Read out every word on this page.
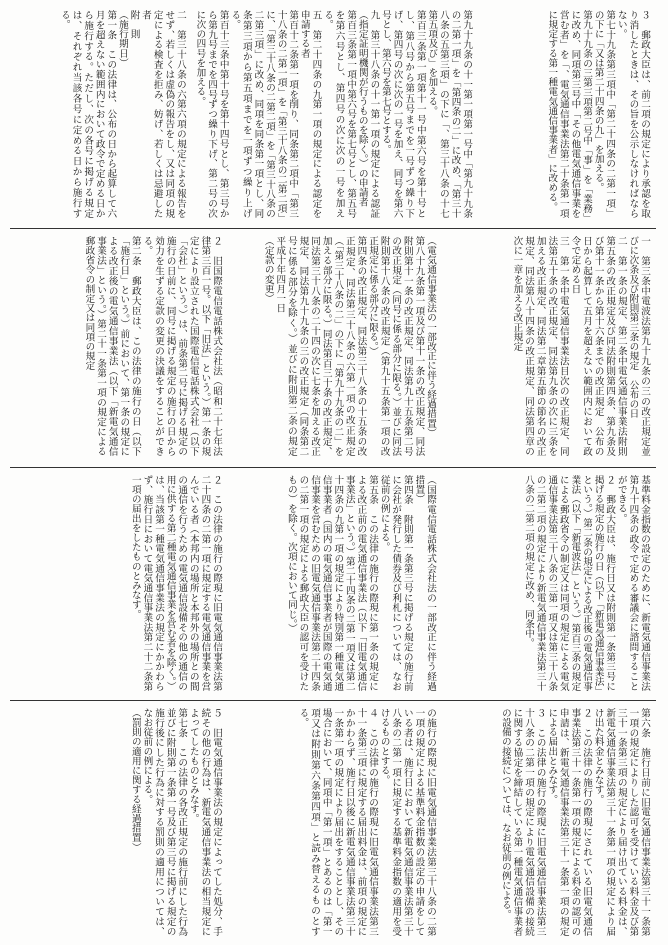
３　郵政大臣は、前二項の規定により承認を取り消したときは、その旨を公示しなければならない。
第七十九条第三項中「第二十四条の二第一項」の下に「又は第二十四条の九」を加える。
第九十九条の三第三項第二号中「事」を「業務」に改め、同項第三号中「その他電気通信事業を営む者」を「、電気通信事業法第二十条第一項に規定する第一種電気通信事業者」に改める。
第九十九条の十一第一項第一号中「第九十九条の二第一項」を「第四条の二」に改め、「第三十八条の五第三項」の下に「、第三十八条の十七第五項及び」を加える。
第百三条第一項第十一号中第六号を第十号とし、第八号から第五号までを一号ずつ繰り下げ、第四号の次に次の一号を加え、同号を第六号とし、第六号を第七号とする。
九　第三十八条の十一第一項の規定による認証（指定証明機関が行うものを除く。）の申請者
第百三条第一項中第六号を第七号とし、第五号を第六号とし、第四号の次に次の一号を加える。
五　第二十四条の九第一項の規定による認定を申請する者
第百十二条第一項を削り、同条第二項中「第三十八条の二第一項」を「第三十八条の二第二項」に、「第三十八条の二第二項」を「第三十八条の二第三項」に改め、同項を同条第一項とし、同条第三項から第五項までを一項ずつ繰り上げる。
第百十三条中第十号を第十四号とし、第三号から第九号までを四号ずつ繰り下げ、第二号の次に次の四号を加える。
二　第三十八条の六第六項の規定による報告をせず、若しくは虚偽の報告をし、又は同項の規定による検査を拒み、妨げ、若しくは忌避した者
附　則
（施行期日）
第一条　この法律は、公布の日から起算して六月を超えない範囲内において政令で定める日から施行する。ただし、次の各号に掲げる規定は、それぞれ当該各号に定める日から施行する。
一　第三条中電波法第九十九条の三の改正規定並びに次条及び附則第三条の規定　公布の日
二　第一条の規定、第二条中電気通信事業法附則第五条の改正規定及び同法附則第四条、第九条及び第十一条から第十六条までの改正規定　公布の日から起算して五月を超えない範囲内において政令で定める日
三　第一条中電気通信事業法目次の改正規定、同法第五十条の改正規定、同法第九条の次に三条を加える改正規定、同法第二章第五節の節名の改正規定、同法第八十四条の改正規定、同法第四章の次に一章を加える改正規定
（電気通信事業法の一部改正に伴う経過措置）
第八十九条第一項及び第十一条の改正規定、同法附則第十一条の改正規定、同法第九十五条第二号の改正規定（同号に係る部分に限る。）並びに同法附則第十八条の改正規定（第九十五条第一項の改正規定に係る部分に限る。）
第四条の改正規定、同法第三十八条の十五条の改正規定、同法第三十八条の六第一項の改正規定（「第三十八条の二」の下に「第九十九条の二」を加える部分に限る。）同法第百三十条の改正規定、同法第三十八条の二十四の次に七条を加える改正規定、同法第九十九条の三の改正規定（同条第二号に係る部分を除く。）並びに附則第二条の規定　平成十年四月一日
（定款の変更）
２　旧国際電信電話株式会社法（昭和二十七年法律第三百一号。以下「旧法」という。）第一条の規定により設立された国際電信電話株式会社（以下「会社」という。）は、前条第二号に掲げる規定の施行の日前に、同号に掲げる規定の施行の日から効力を生ずる定款の変更の決議をすることができる。
第二条　郵政大臣は、この法律の施行の日（以下「施行日」という。）前において、第一条の規定による改正後の電気通信事業法（以下「新電気通信事業法」という。）第二十一条第一項の規定による郵政省令の制定又は同項の規定
基準料金指数の設定のために、新電気通信事業法第九十四条の政令で定める審議会に諮問することができる。
２　郵政大臣は、施行日又は附則第一条第三号に掲げる規定の施行の日（以下「新電気通信事業法」という。）第二条の規定による改正後の電気通信事業法（以下「新電波法」という。）第百三条の規定による郵政省令の制定又は同項の規定による電気通信事業法第三十八条の三第一項又は第三十八条の二第二項の規定により新電気通信事業法第三十八条の二第二項の規定に改め、同条中。
（国際電信電話株式会社法の一部改正に伴う経過措置）
第四条　附則第一条第三号に掲げる規定の施行前に会社が発行した債券及び利札については、なお従前の例による。
第五条　この法律の施行の際現に第一条の規定による改正前の電気通信事業法（以下「旧電気通信事業法」という。）第二十四条の二第一項又は第二十四条の九第一項の規定により特別第一種電気通信事業者（国内の電気通信事業者が国際の電気通信事業を営むための旧電気通信事業法第二十四条の二第一項の規定による郵政大臣の認可を受けたもの）を除く。次項において同じ。）
２　この法律の施行の際現に旧電気通信事業法第二十四条の二第一項に規定する電気通信事業を営んでいる者（本邦内の場所と本邦外の場所との間の通信を行うための電気通信設備その他の通信の用に供する第二種電気通信事業を営む者を除く。）は、当該第一種電気通信事業法の規定にかかわらず、施行日において電気通信事業法第二十二条第一項の届出をしたものとみなす。
第六条　施行日前に旧電気通信事業法第三十一条第一項の規定によりした認可を受けている料金及び第三十一条第三項の規定により届け出ている料金は、新電気通信事業法第三十一条第一項の規定により届け出た料金とみなす。
２　この法律の施行の際現にされている旧電気通信事業法第三十一条第一項の規定による料金の認可の申請は、新電気通信事業法第三十一条第一項の規定による届出とみなす。
３　この法律の施行の際現に旧電気通信事業法第三十八条の二第一項の規定により電気通信設備の接続に関する協定を締結している第一種電気通信事業者の設備の接続については、なお従前の例による。
の施行の際現に旧電気通信事業法第三十八条の二第一項の規定による基準料金指数の設定の申請をしている者は、施行日において新電気通信事業法第三十八条の二第一項に規定する基準料金指数の適用を受けるものとする。
４　この法律の施行の際現に旧電気通信事業法第三十一条第三項に規定する届出料金は、前項の規定にかかわらず、施行日以後に新電気通信事業法第三十一条第一項の規定により届出をすることとし、その場合において、同項中「第一項」とあるのは「第一項又は附則第六条第四項」と読み替えるものとする。
５　旧電気通信事業法の規定によってした処分、手続その他の行為は、新電気通信事業法の相当規定によってしたものとみなす。
第七条　この法律の各改正規定の施行前にした行為並びに附則第一条第一号及び第三号に掲げる規定の施行後にした行為に対する罰則の適用については、なお従前の例による。
（罰則の適用に関する経過措置）
